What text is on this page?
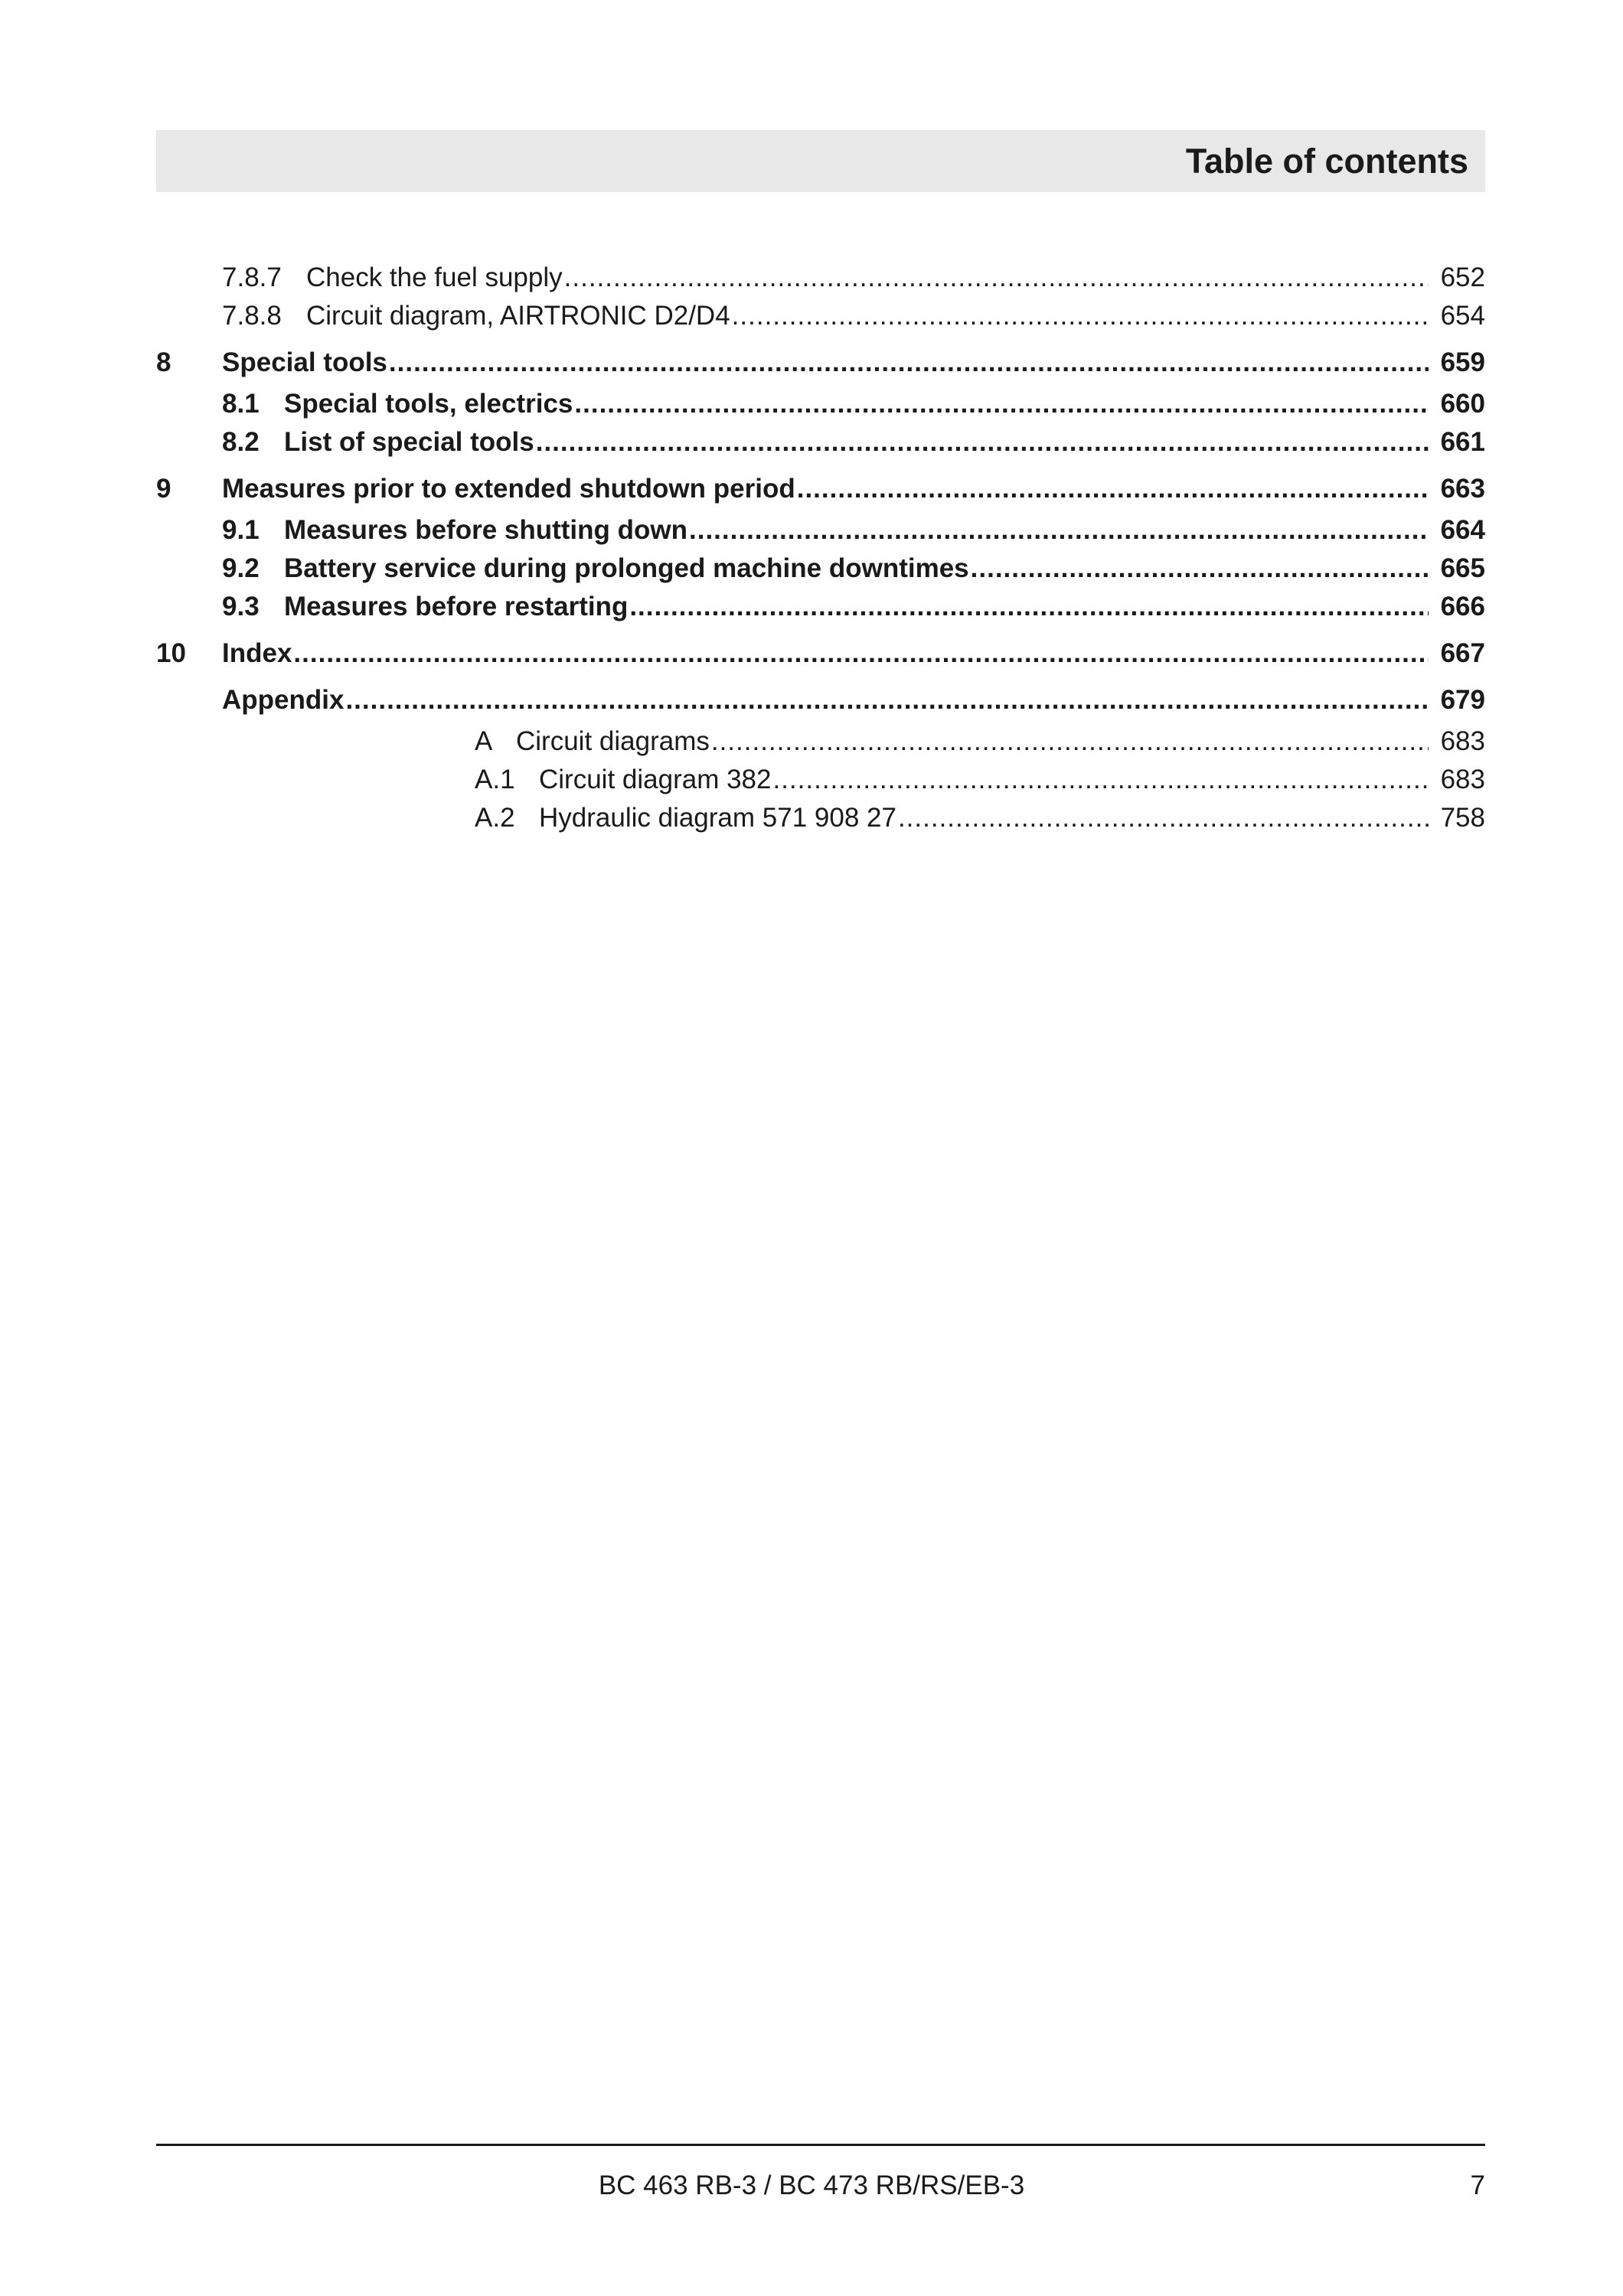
Table of contents
7.8.7 Check the fuel supply .....	652
7.8.8 Circuit diagram, AIRTRONIC D2/D4 .....	654
8	Special tools .....	659
8.1 Special tools, electrics .....	660
8.2 List of special tools .....	661
9	Measures prior to extended shutdown period .....	663
9.1 Measures before shutting down .....	664
9.2 Battery service during prolonged machine downtimes .....	665
9.3 Measures before restarting .....	666
10	Index .....	667
Appendix .....	679
A Circuit diagrams .....	683
A.1 Circuit diagram 382 .....	683
A.2 Hydraulic diagram 571 908 27 .....	758
BC 463 RB-3 / BC 473 RB/RS/EB-3	7
